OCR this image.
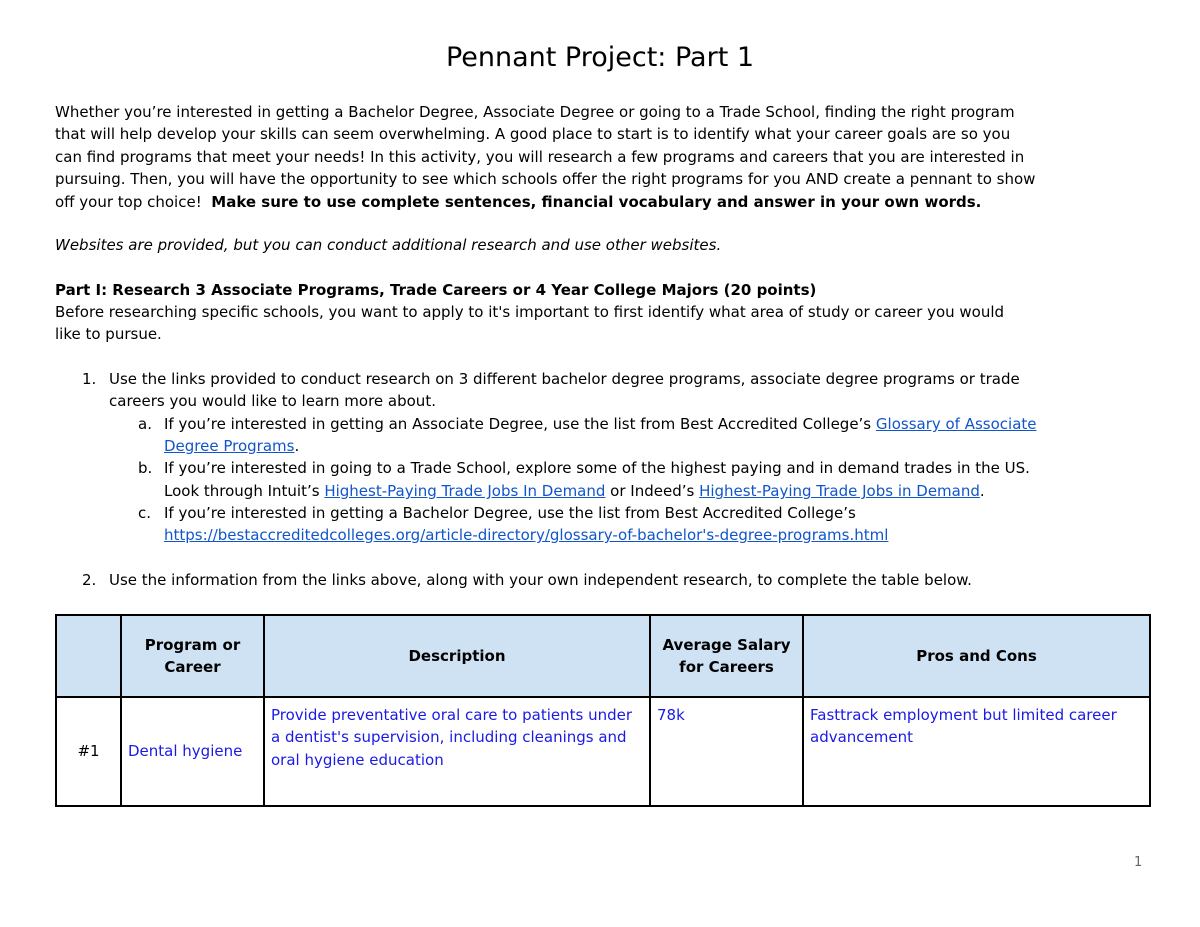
Pennant Project: Part 1
Whether you’re interested in getting a Bachelor Degree, Associate Degree or going to a Trade School, finding the right program
that will help develop your skills can seem overwhelming. A good place to start is to identify what your career goals are so you
can find programs that meet your needs! In this activity, you will research a few programs and careers that you are interested in
pursuing. Then, you will have the opportunity to see which schools offer the right programs for you AND create a pennant to show
off your top choice! Make sure to use complete sentences, financial vocabulary and answer in your own words.
Websites are provided, but you can conduct additional research and use other websites.
Part I: Research 3 Associate Programs, Trade Careers or 4 Year College Majors (20 points)
Before researching specific schools, you want to apply to it's important to first identify what area of study or career you would
like to pursue.
1. Use the links provided to conduct research on 3 different bachelor degree programs, associate degree programs or trade
careers you would like to learn more about.
a. If you’re interested in getting an Associate Degree, use the list from Best Accredited College’s Glossary of Associate
Degree Programs.
b. If you’re interested in going to a Trade School, explore some of the highest paying and in demand trades in the US.
Look through Intuit’s Highest-Paying Trade Jobs In Demand or Indeed’s Highest-Paying Trade Jobs in Demand.
c. If you’re interested in getting a Bachelor Degree, use the list from Best Accredited College’s
https://bestaccreditedcolleges.org/article-directory/glossary-of-bachelor's-degree-programs.html
2. Use the information from the links above, along with your own independent research, to complete the table below.
	Program or Career	Description	Average Salary for Careers	Pros and Cons
#1	Dental hygiene	Provide preventative oral care to patients under a dentist's supervision, including cleanings and oral hygiene education	78k	Fasttrack employment but limited career advancement
1
